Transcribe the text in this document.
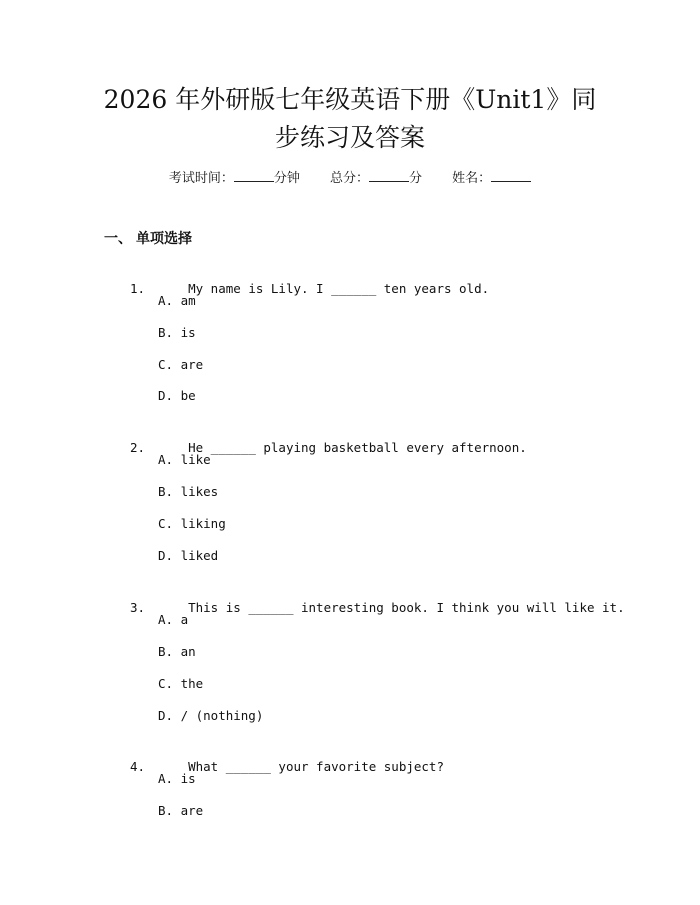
2026 年外研版七年级英语下册《Unit1》同
步练习及答案
考试时间：	分钟 总分：	分 姓名：
一、 单项选择

1.	My name is Lily. I ______ ten years old.

A. am
B. is
C. are
D. be

2.	He ______ playing basketball every afternoon.

A. like
B. likes
C. liking
D. liked

3.	This is ______ interesting book. I think you will like it.

A. a
B. an
C. the
D. / (nothing)

4.	What ______ your favorite subject?

A. is
B. are
